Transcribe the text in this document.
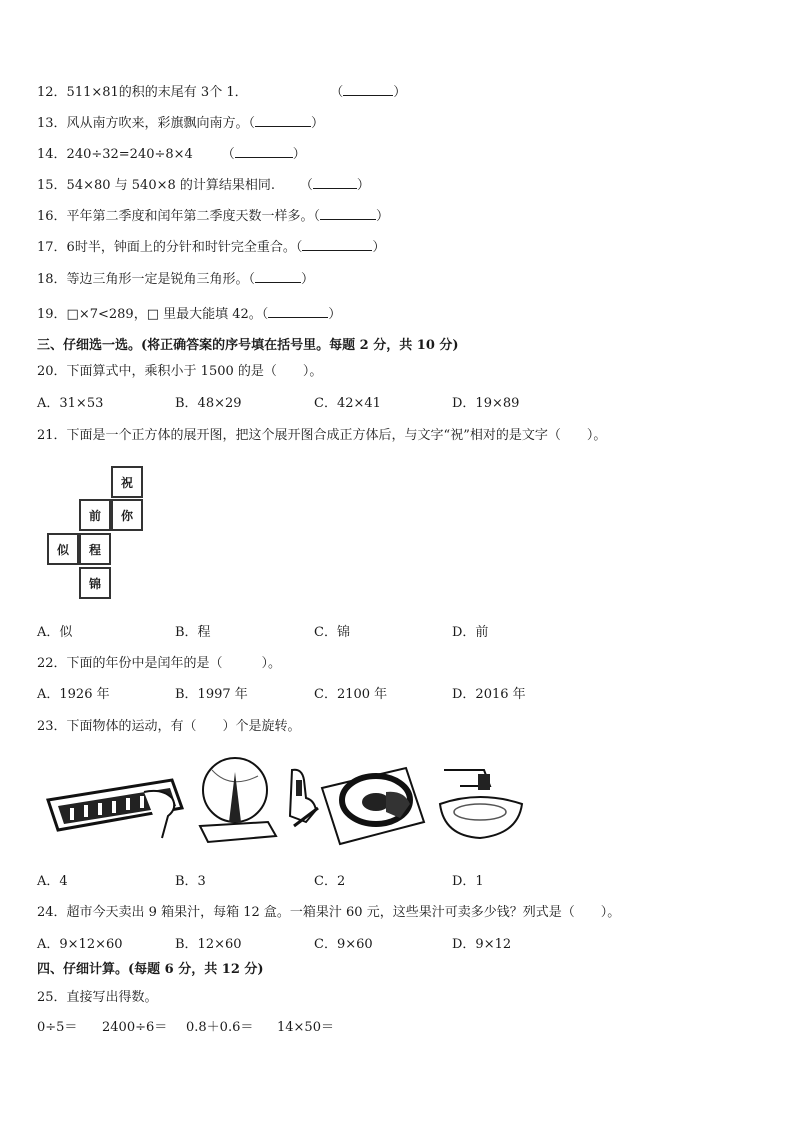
12．511×81的积的末尾有 3个 1．                    （	）
13．风从南方吹来，彩旗飘向南方。（	）
14．240÷32=240÷8×4       （	）
15．54×80 与 540×8 的计算结果相同.      （	）
16．平年第二季度和闰年第二季度天数一样多。（	）
17．6时半，钟面上的分针和时针完全重合。（	）
18．等边三角形一定是锐角三角形。（	）
19．□×7<289，□ 里最大能填 42。（	）
三、仔细选一选。(将正确答案的序号填在括号里。每题 2 分，共 10 分)
20．下面算式中，乘积小于 1500 的是（　　）。
A．31×53	B．48×29	C．42×41	D．19×89
21．下面是一个正方体的展开图，把这个展开图合成正方体后，与文字“祝”相对的是文字（　　）。
祝
前	你
似	程
锦
A．似	B．程	C．锦	D．前
22．下面的年份中是闰年的是（　　　）。
A．1926 年	B．1997 年	C．2100 年	D．2016 年
23．下面物体的运动，有（　　）个是旋转。
A．4	B．3	C．2	D．1
24．超市今天卖出 9 箱果汁，每箱 12 盒。一箱果汁 60 元，这些果汁可卖多少钱？列式是（　　）。
A．9×12×60	B．12×60	C．9×60	D．9×12
四、仔细计算。(每题 6 分，共 12 分)
25．直接写出得数。
0÷5＝ 2400÷6＝ 0.8＋0.6＝ 14×50＝
